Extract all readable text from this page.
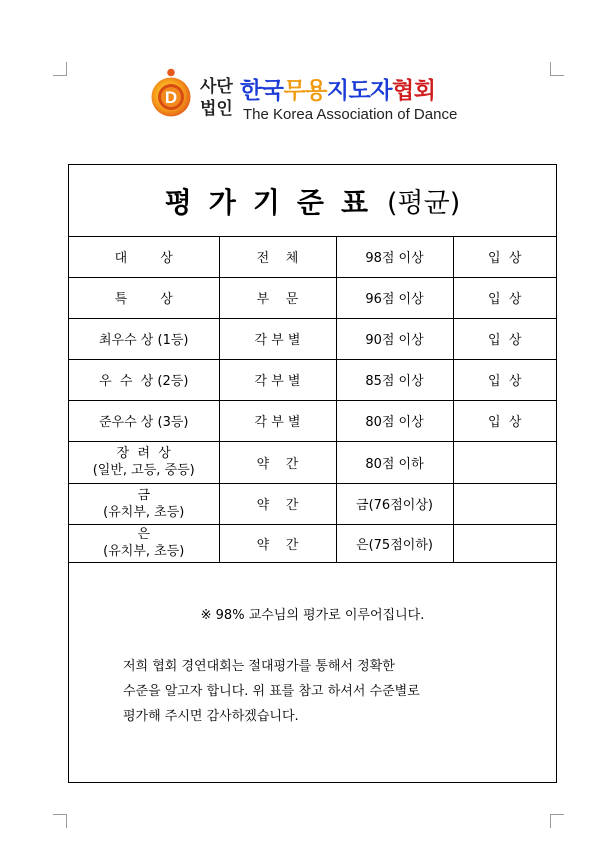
D
사단
법인
한국무용지도자협회
The Korea Association of Dance
평가기준표 (평균)
대        상	전    체	98점 이상	입  상
특        상	부    문	96점 이상	입  상
최우수 상 (1등)	각 부 별	90점 이상	입  상
우  수  상 (2등)	각 부 별	85점 이상	입  상
준우수 상 (3등)	각 부 별	80점 이상	입  상

장  려  상
(일반, 고등, 중등)	약    간	80점 이하	

금
(유치부, 초등)	약    간	금(76점이상)	

은
(유치부, 초등)	약    간	은(75점이하)	
※ 98% 교수님의 평가로 이루어집니다.
저희 협회 경연대회는 절대평가를 통해서 정확한
수준을 알고자 합니다. 위 표를 참고 하셔서 수준별로
평가해 주시면 감사하겠습니다.
